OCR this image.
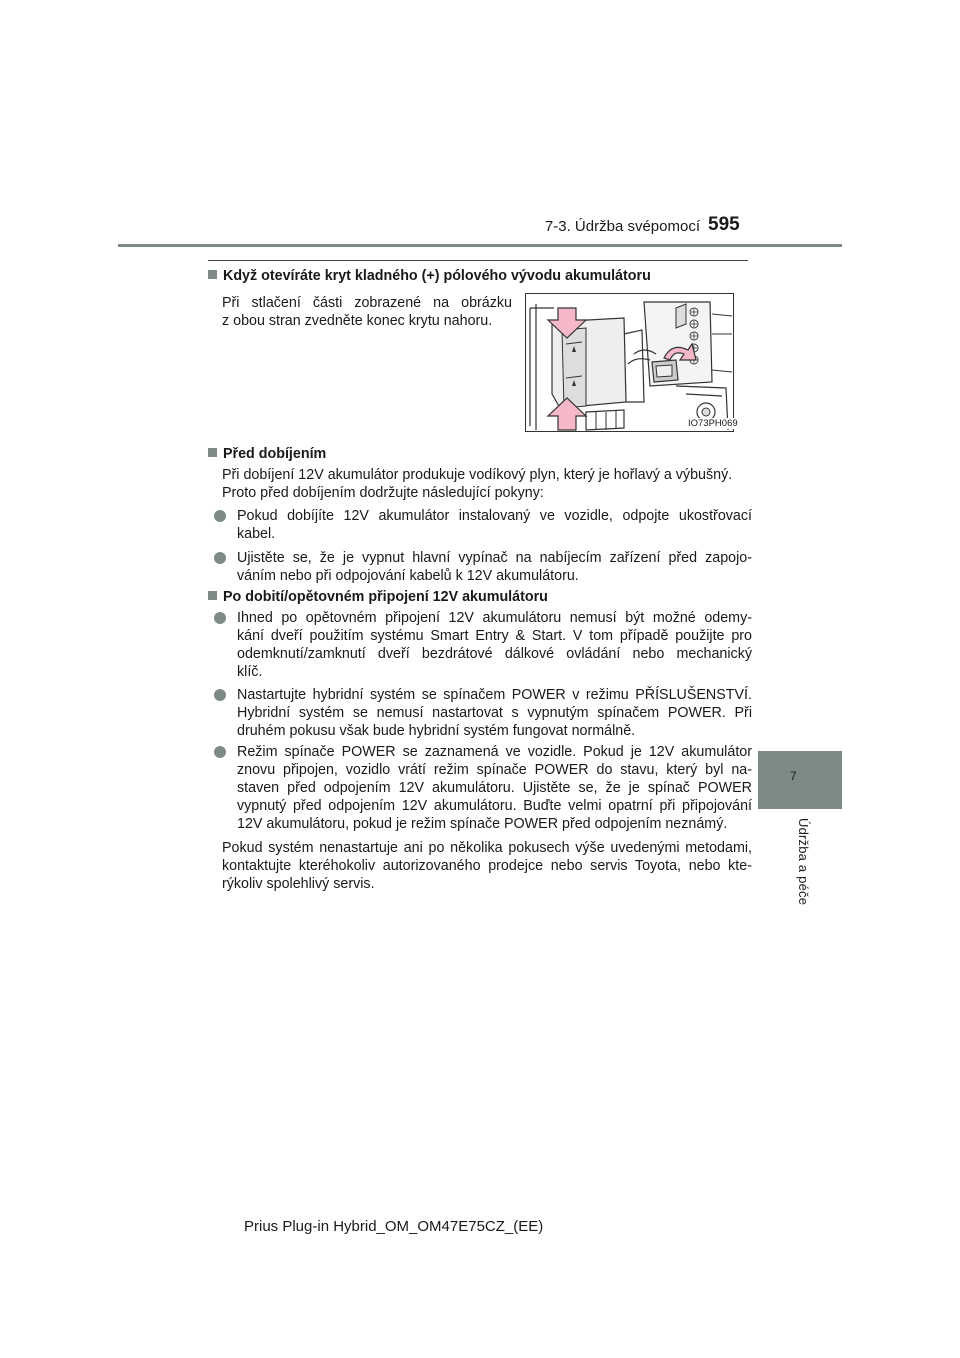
7-3. Údržba svépomocí 595
7
Údržba a péče
Když otevíráte kryt kladného (+) pólového vývodu akumulátoru
Při stlačení části zobrazené na obrázku
z obou stran zvedněte konec krytu nahoru.
IO73PH069
Před dobíjením
Při dobíjení 12V akumulátor produkuje vodíkový plyn, který je hořlavý a výbušný.
Proto před dobíjením dodržujte následující pokyny:
Pokud dobíjíte 12V akumulátor instalovaný ve vozidle, odpojte ukostřovací
kabel.
Ujistěte se, že je vypnut hlavní vypínač na nabíjecím zařízení před zapojo-
váním nebo při odpojování kabelů k 12V akumulátoru.
Po dobití/opětovném připojení 12V akumulátoru
Ihned po opětovném připojení 12V akumulátoru nemusí být možné odemy-
kání dveří použitím systému Smart Entry & Start. V tom případě použijte pro
odemknutí/zamknutí dveří bezdrátové dálkové ovládání nebo mechanický
klíč.
Nastartujte hybridní systém se spínačem POWER v režimu PŘÍSLUŠENSTVÍ.
Hybridní systém se nemusí nastartovat s vypnutým spínačem POWER. Při
druhém pokusu však bude hybridní systém fungovat normálně.
Režim spínače POWER se zaznamená ve vozidle. Pokud je 12V akumulátor
znovu připojen, vozidlo vrátí režim spínače POWER do stavu, který byl na-
staven před odpojením 12V akumulátoru. Ujistěte se, že je spínač POWER
vypnutý před odpojením 12V akumulátoru. Buďte velmi opatrní při připojování
12V akumulátoru, pokud je režim spínače POWER před odpojením neznámý.
Pokud systém nenastartuje ani po několika pokusech výše uvedenými metodami,
kontaktujte kteréhokoliv autorizovaného prodejce nebo servis Toyota, nebo kte-
rýkoliv spolehlivý servis.
Prius Plug-in Hybrid_OM_OM47E75CZ_(EE)
